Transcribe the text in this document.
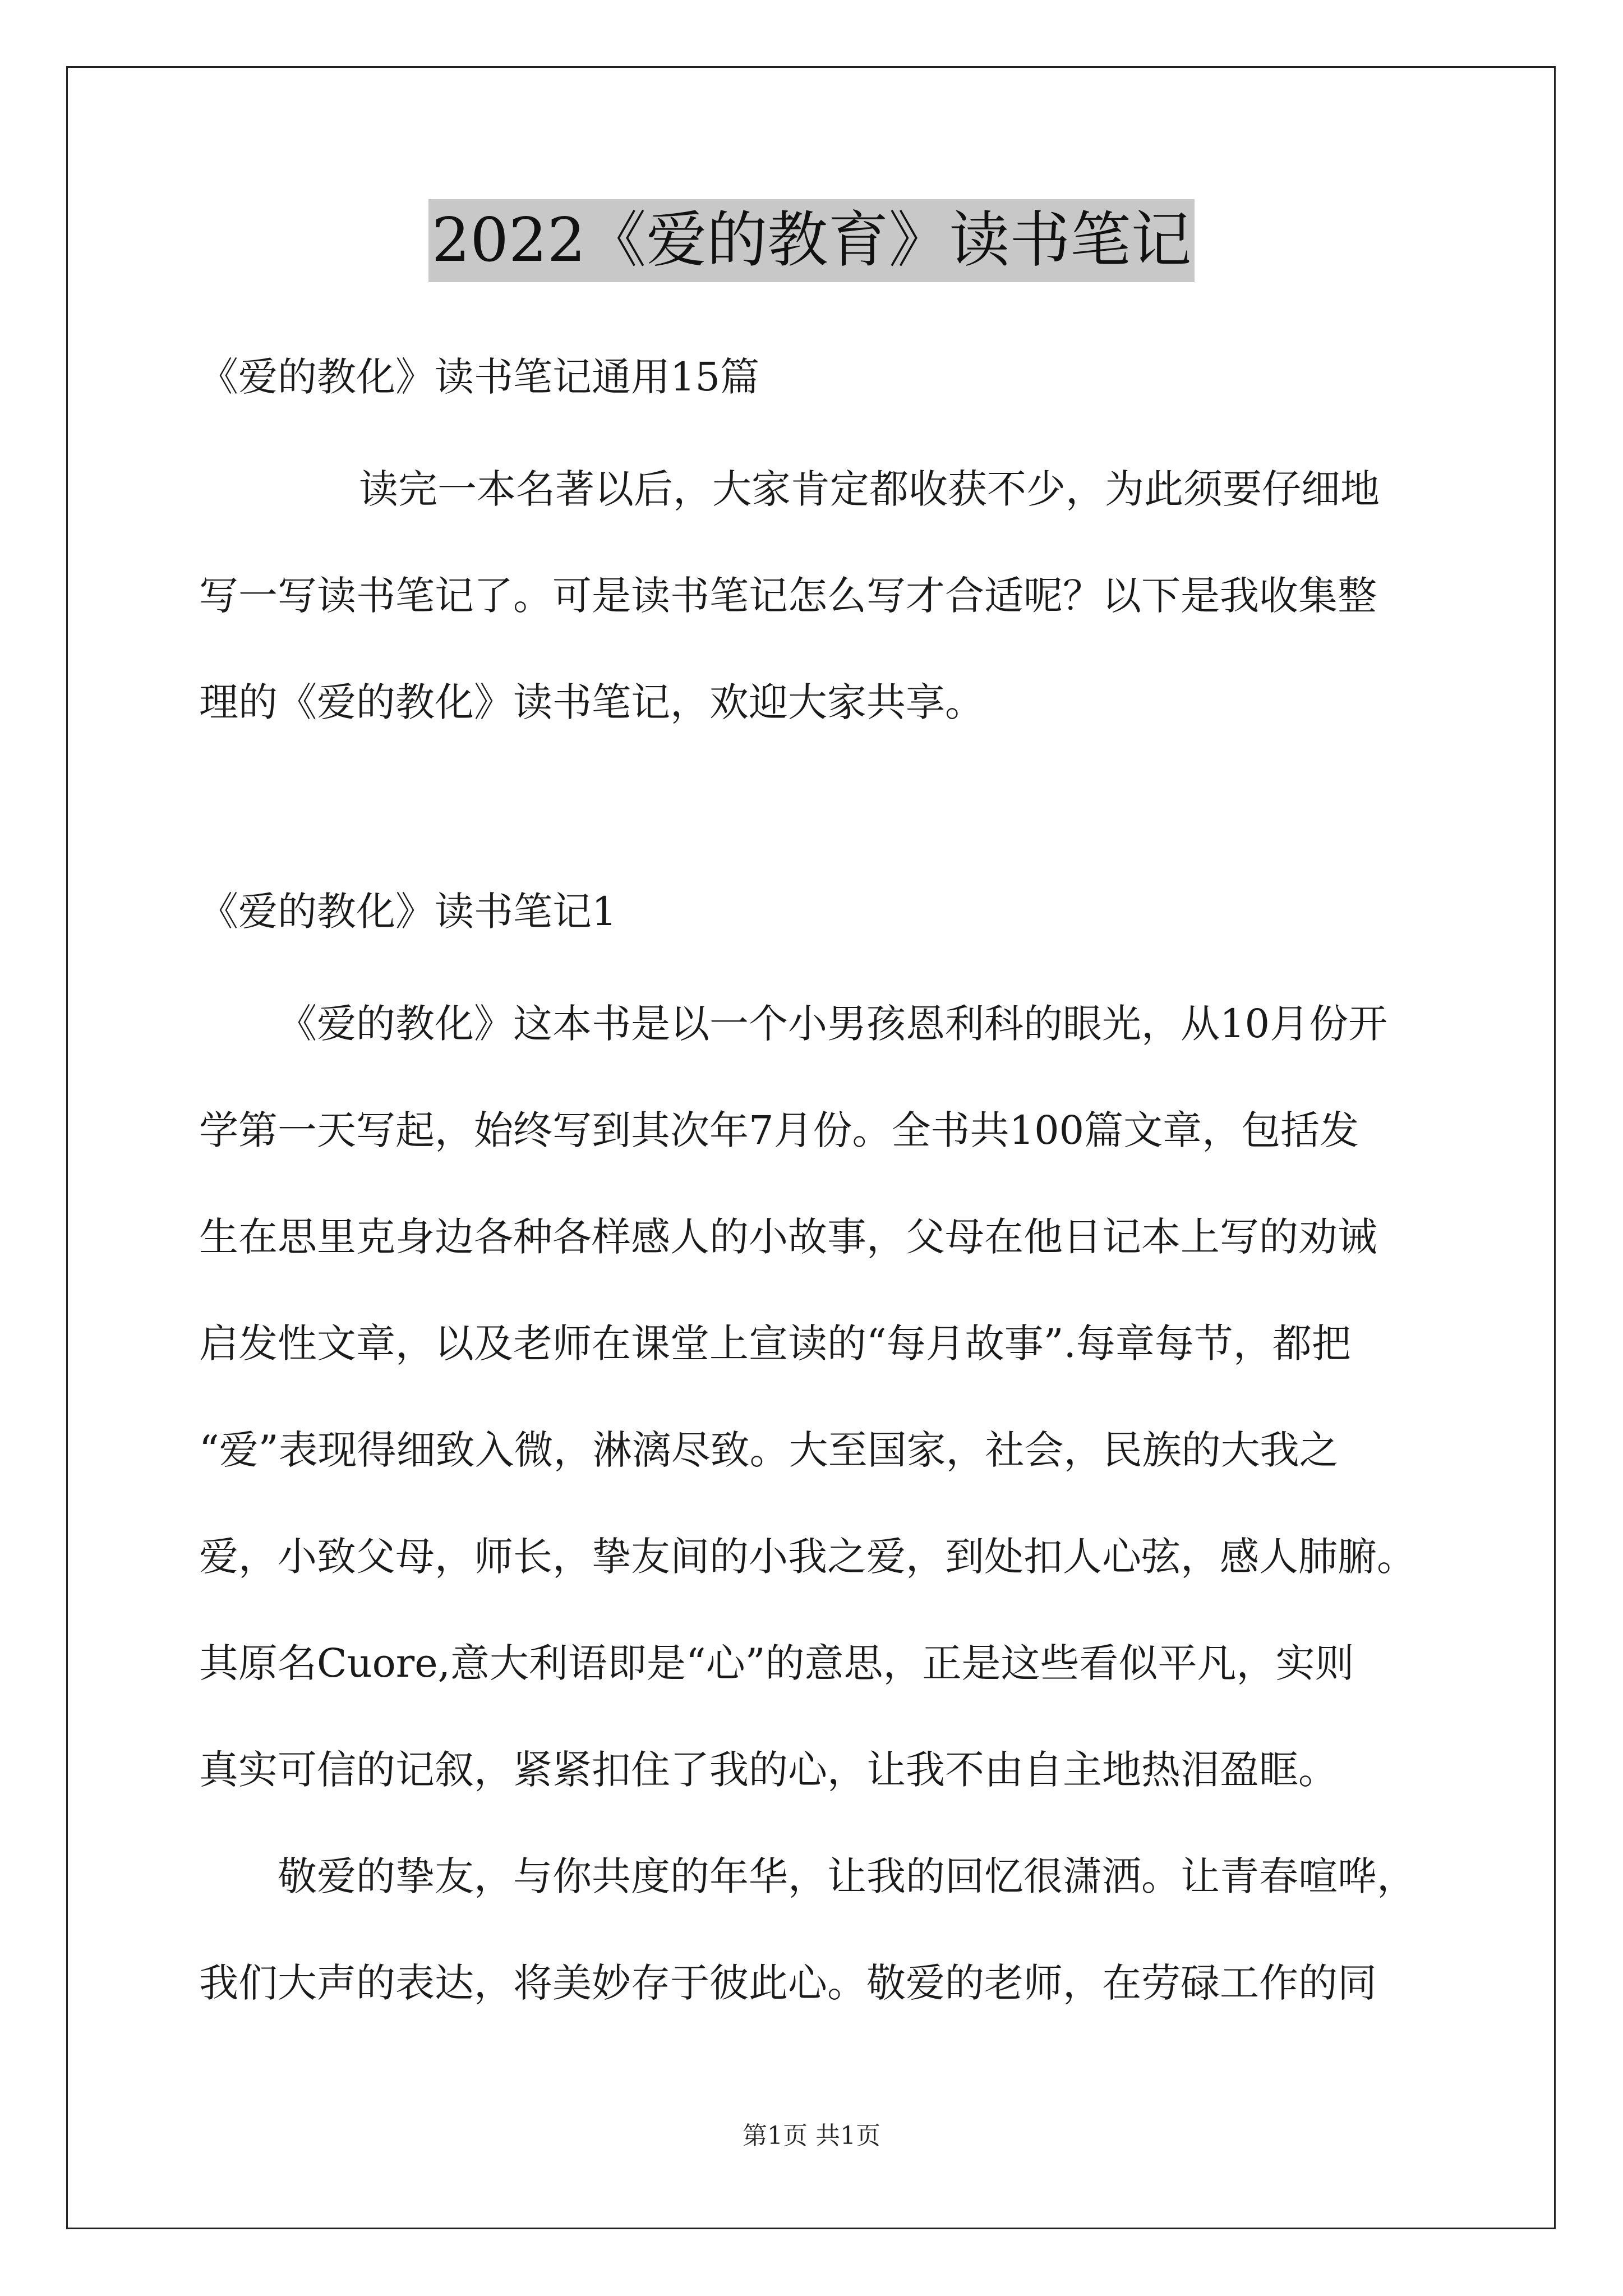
2022《爱的教育》读书笔记
《爱的教化》读书笔记通用15篇
读完一本名著以后，大家肯定都收获不少，为此须要仔细地
写一写读书笔记了。可是读书笔记怎么写才合适呢？以下是我收集整
理的《爱的教化》读书笔记，欢迎大家共享。
《爱的教化》读书笔记1
《爱的教化》这本书是以一个小男孩恩利科的眼光，从10月份开
学第一天写起，始终写到其次年7月份。全书共100篇文章，包括发
生在思里克身边各种各样感人的小故事，父母在他日记本上写的劝诫
启发性文章，以及老师在课堂上宣读的“每月故事”.每章每节，都把
“爱”表现得细致入微，淋漓尽致。大至国家，社会，民族的大我之
爱，小致父母，师长，挚友间的小我之爱，到处扣人心弦，感人肺腑。
其原名Cuore,意大利语即是“心”的意思，正是这些看似平凡，实则
真实可信的记叙，紧紧扣住了我的心，让我不由自主地热泪盈眶。
敬爱的挚友，与你共度的年华，让我的回忆很潇洒。让青春喧哗，
我们大声的表达，将美妙存于彼此心。敬爱的老师，在劳碌工作的同
第1页 共1页
